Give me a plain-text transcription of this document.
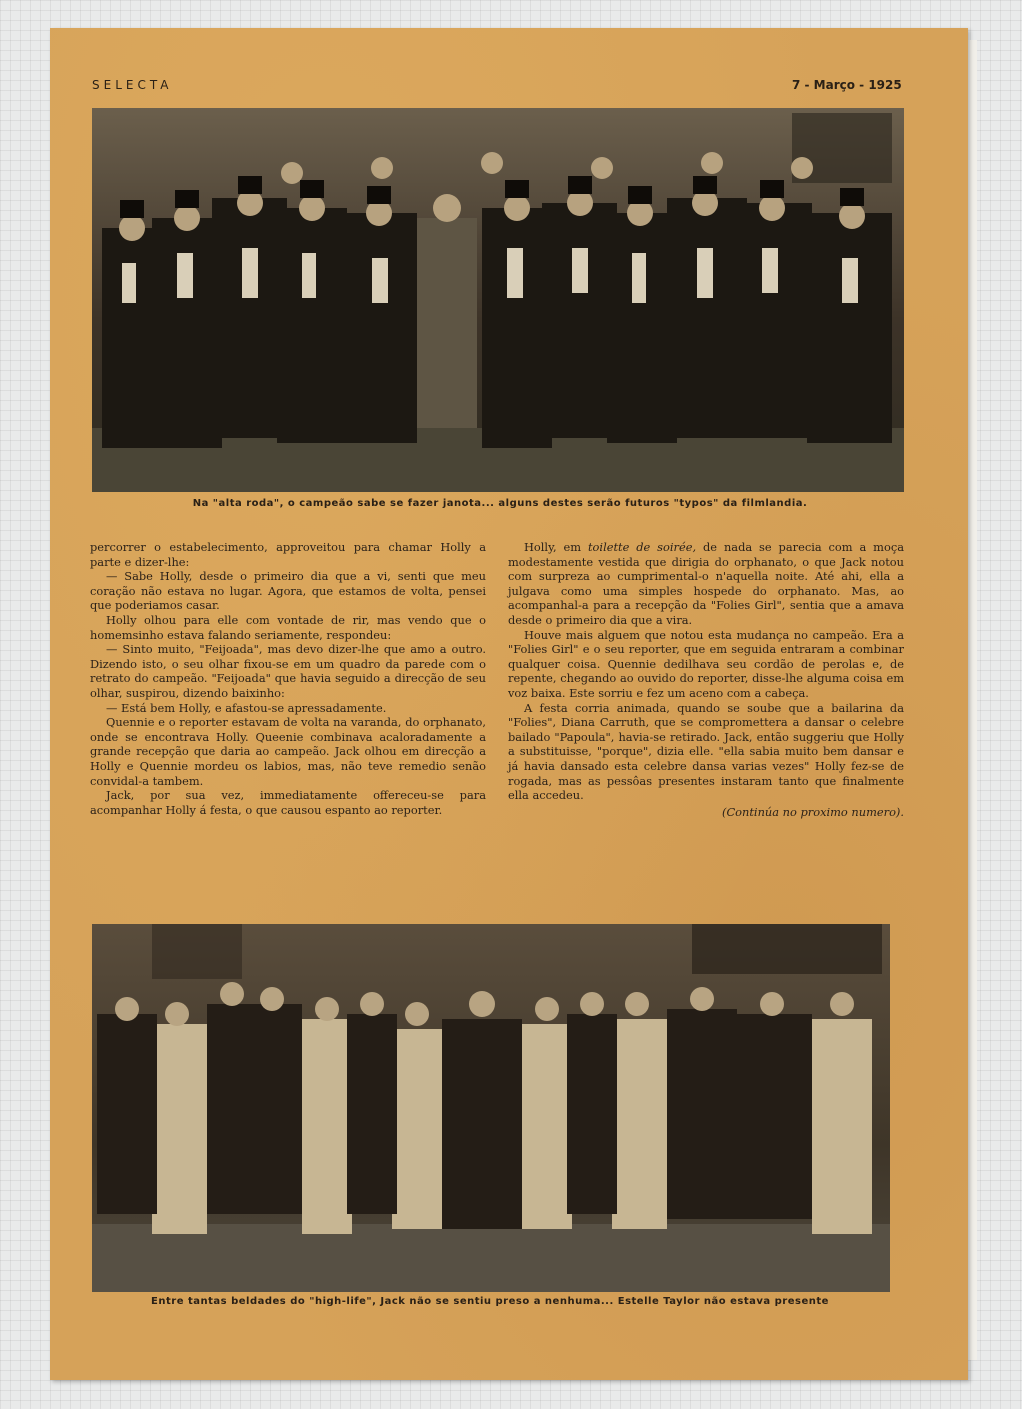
SELECTA	7 - Março - 1925
Na "alta roda", o campeão sabe se fazer janota... alguns destes serão futuros "typos" da filmlandia.

percorrer o estabelecimento, approveitou para chamar Holly a parte e dizer-lhe:

— Sabe Holly, desde o primeiro dia que a vi, senti que meu coração não estava no lugar. Agora, que estamos de volta, pensei que poderiamos casar.

Holly olhou para elle com vontade de rir, mas vendo que o homemsinho estava falando seriamente, respondeu:

— Sinto muito, "Feijoada", mas devo dizer-lhe que amo a outro. Dizendo isto, o seu olhar fixou-se em um quadro da parede com o retrato do campeão. "Feijoada" que havia seguido a direcção de seu olhar, suspirou, dizendo baixinho:

— Está bem Holly, e afastou-se apressadamente.

Quennie e o reporter estavam de volta na varanda, do orphanato, onde se encontrava Holly. Queenie combinava acaloradamente a grande recepção que daria ao campeão. Jack olhou em direcção a Holly e Quennie mordeu os labios, mas, não teve remedio senão convidal-a tambem.

Jack, por sua vez, immediatamente offereceu-se para acompanhar Holly á festa, o que causou espanto ao reporter.

Holly, em toilette de soirée, de nada se parecia com a moça modestamente vestida que dirigia do orphanato, o que Jack notou com surpreza ao cumprimental-o n'aquella noite. Até ahi, ella a julgava como uma simples hospede do orphanato. Mas, ao acompanhal-a para a recepção da "Folies Girl", sentia que a amava desde o primeiro dia que a vira.

Houve mais alguem que notou esta mudança no campeão. Era a "Folies Girl" e o seu reporter, que em seguida entraram a combinar qualquer coisa. Quennie dedilhava seu cordão de perolas e, de repente, chegando ao ouvido do reporter, disse-lhe alguma coisa em voz baixa. Este sorriu e fez um aceno com a cabeça.

A festa corria animada, quando se soube que a bailarina da "Folies", Diana Carruth, que se compromettera a dansar o celebre bailado "Papoula", havia-se retirado. Jack, então suggeriu que Holly a substituisse, "porque", dizia elle. "ella sabia muito bem dansar e já havia dansado esta celebre dansa varias vezes" Holly fez-se de rogada, mas as pessôas presentes instaram tanto que finalmente ella accedeu.

(Continúa no proximo numero).

Entre tantas beldades do "high-life", Jack não se sentiu preso a nenhuma... Estelle Taylor não estava presente
